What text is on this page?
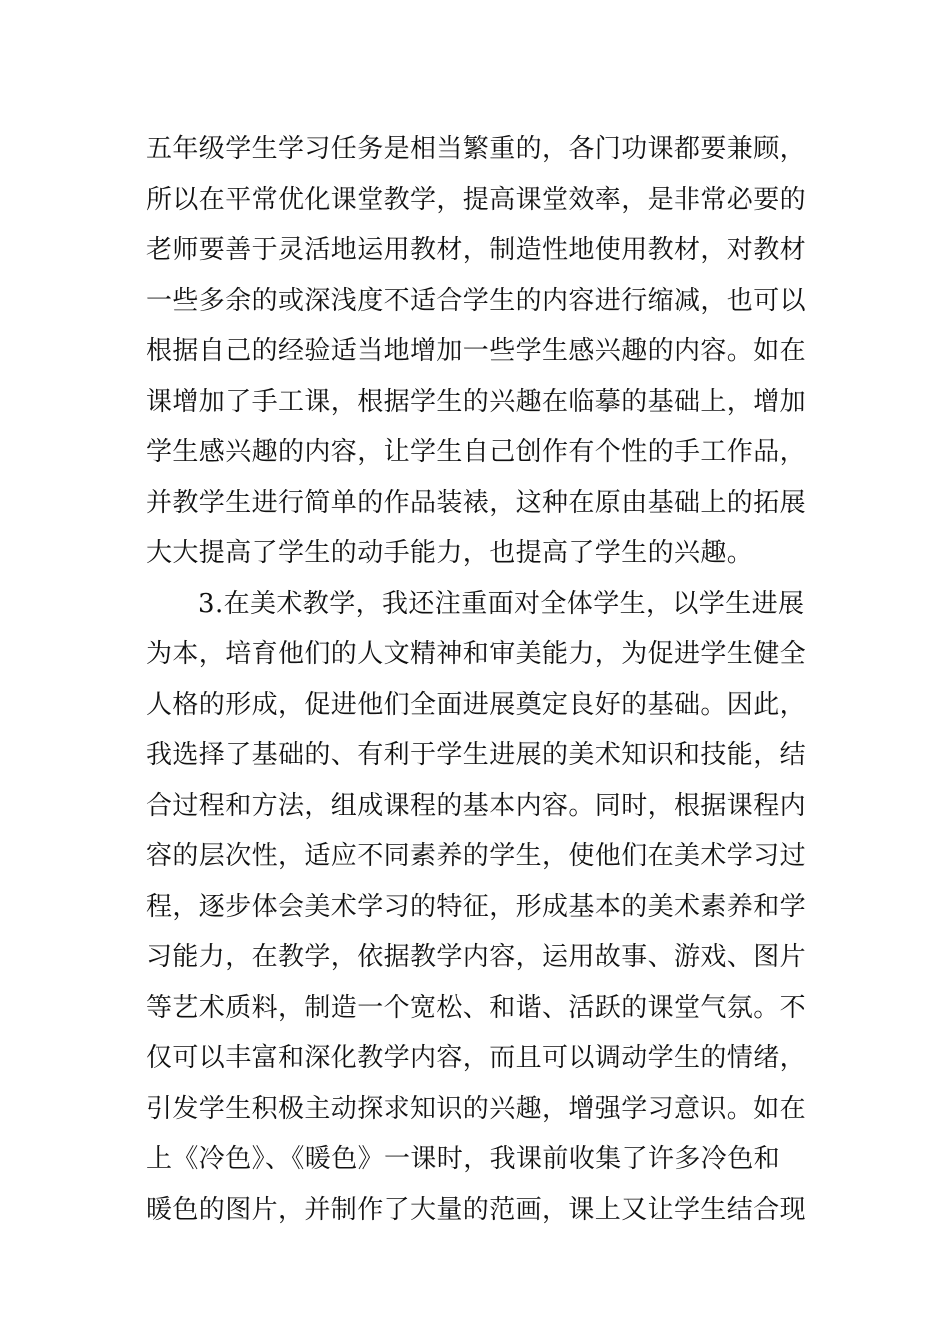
五年级学生学习任务是相当繁重的，各门功课都要兼顾，
所以在平常优化课堂教学，提高课堂效率，是非常必要的
老师要善于灵活地运用教材，制造性地使用教材，对教材
一些多余的或深浅度不适合学生的内容进行缩减，也可以
根据自己的经验适当地增加一些学生感兴趣的内容。如在
课增加了手工课，根据学生的兴趣在临摹的基础上，增加
学生感兴趣的内容，让学生自己创作有个性的手工作品，
并教学生进行简单的作品装裱，这种在原由基础上的拓展
大大提高了学生的动手能力，也提高了学生的兴趣。
3.在美术教学，我还注重面对全体学生，以学生进展
为本，培育他们的人文精神和审美能力，为促进学生健全
人格的形成，促进他们全面进展奠定良好的基础。因此，
我选择了基础的、有利于学生进展的美术知识和技能，结
合过程和方法，组成课程的基本内容。同时，根据课程内
容的层次性，适应不同素养的学生，使他们在美术学习过
程，逐步体会美术学习的特征，形成基本的美术素养和学
习能力，在教学，依据教学内容，运用故事、游戏、图片
等艺术质料，制造一个宽松、和谐、活跃的课堂气氛。不
仅可以丰富和深化教学内容，而且可以调动学生的情绪，
引发学生积极主动探求知识的兴趣，增强学习意识。如在
上《冷色》、《暖色》一课时，我课前收集了许多冷色和
暖色的图片，并制作了大量的范画，课上又让学生结合现
